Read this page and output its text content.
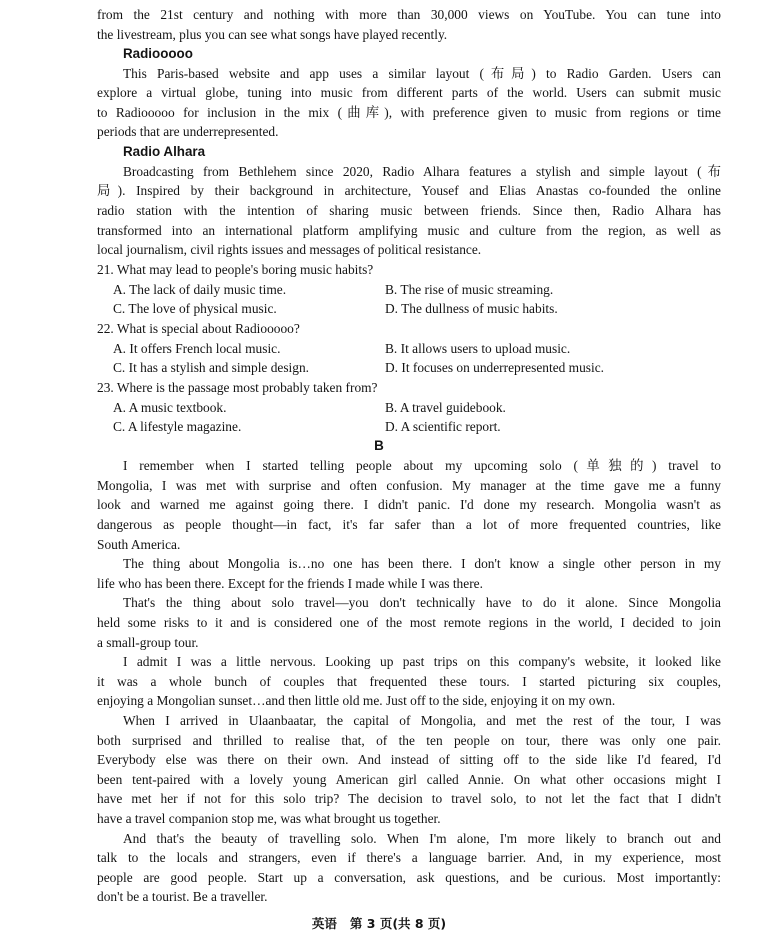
from the 21st century and nothing with more than 30,000 views on YouTube. You can tune into
the livestream, plus you can see what songs have played recently.
Radiooooo
This Paris-based website and app uses a similar layout (布局) to Radio Garden. Users can
explore a virtual globe, tuning into music from different parts of the world. Users can submit music
to Radiooooo for inclusion in the mix (曲库), with preference given to music from regions or time
periods that are underrepresented.
Radio Alhara
Broadcasting from Bethlehem since 2020, Radio Alhara features a stylish and simple layout (布
局). Inspired by their background in architecture, Yousef and Elias Anastas co-founded the online
radio station with the intention of sharing music between friends. Since then, Radio Alhara has
transformed into an international platform amplifying music and culture from the region, as well as
local journalism, civil rights issues and messages of political resistance.
21. What may lead to people's boring music habits?
A. The lack of daily music time.	B. The rise of music streaming.
C. The love of physical music.	D. The dullness of music habits.
22. What is special about Radiooooo?
A. It offers French local music.	B. It allows users to upload music.
C. It has a stylish and simple design.	D. It focuses on underrepresented music.
23. Where is the passage most probably taken from?
A. A music textbook.	B. A travel guidebook.
C. A lifestyle magazine.	D. A scientific report.
B
I remember when I started telling people about my upcoming solo (单独的) travel to
Mongolia, I was met with surprise and often confusion. My manager at the time gave me a funny
look and warned me against going there. I didn't panic. I'd done my research. Mongolia wasn't as
dangerous as people thought—in fact, it's far safer than a lot of more frequented countries, like
South America.
The thing about Mongolia is…no one has been there. I don't know a single other person in my
life who has been there. Except for the friends I made while I was there.
That's the thing about solo travel—you don't technically have to do it alone. Since Mongolia
held some risks to it and is considered one of the most remote regions in the world, I decided to join
a small-group tour.
I admit I was a little nervous. Looking up past trips on this company's website, it looked like
it was a whole bunch of couples that frequented these tours. I started picturing six couples,
enjoying a Mongolian sunset…and then little old me. Just off to the side, enjoying it on my own.
When I arrived in Ulaanbaatar, the capital of Mongolia, and met the rest of the tour, I was
both surprised and thrilled to realise that, of the ten people on tour, there was only one pair.
Everybody else was there on their own. And instead of sitting off to the side like I'd feared, I'd
been tent-paired with a lovely young American girl called Annie. On what other occasions might I
have met her if not for this solo trip? The decision to travel solo, to not let the fact that I didn't
have a travel companion stop me, was what brought us together.
And that's the beauty of travelling solo. When I'm alone, I'm more likely to branch out and
talk to the locals and strangers, even if there's a language barrier. And, in my experience, most
people are good people. Start up a conversation, ask questions, and be curious. Most importantly:
don't be a tourist. Be a traveller.
英语 第 3 页(共 8 页)
